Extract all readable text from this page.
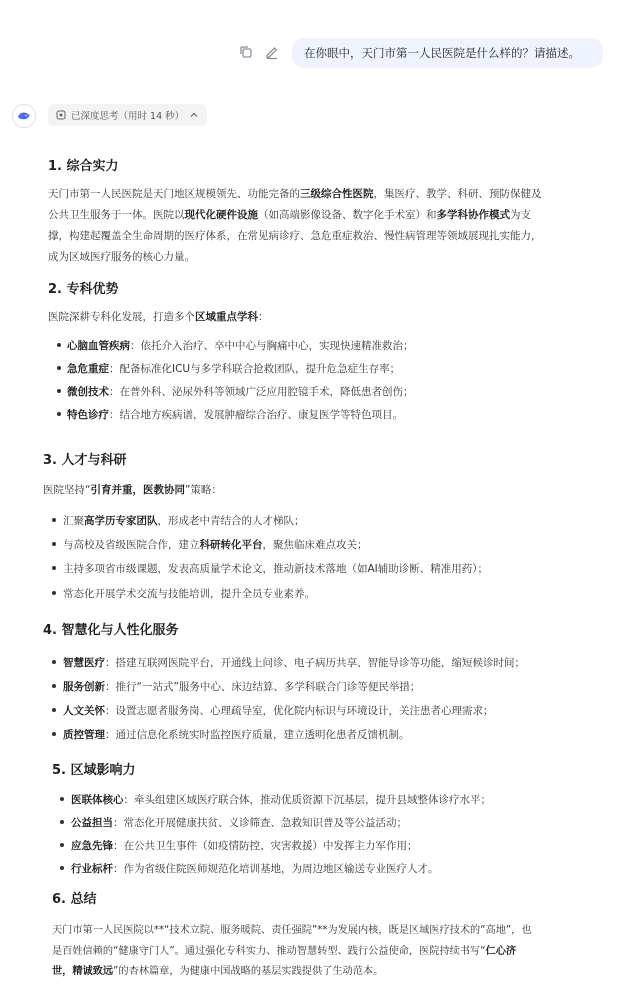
在你眼中，天门市第一人民医院是什么样的？请描述。
已深度思考（用时 14 秒）
1. 综合实力
天门市第一人民医院是天门地区规模领先、功能完备的三级综合性医院，集医疗、教学、科研、预防保健及
公共卫生服务于一体。医院以现代化硬件设施（如高端影像设备、数字化手术室）和多学科协作模式为支
撑，构建起覆盖全生命周期的医疗体系，在常见病诊疗、急危重症救治、慢性病管理等领域展现扎实能力，
成为区域医疗服务的核心力量。
2. 专科优势
医院深耕专科化发展，打造多个区域重点学科：
心脑血管疾病：依托介入治疗、卒中中心与胸痛中心，实现快速精准救治；
急危重症：配备标准化ICU与多学科联合抢救团队，提升危急症生存率；
微创技术：在普外科、泌尿外科等领域广泛应用腔镜手术，降低患者创伤；
特色诊疗：结合地方疾病谱，发展肿瘤综合治疗、康复医学等特色项目。
3. 人才与科研
医院坚持“引育并重，医教协同”策略：
汇聚高学历专家团队，形成老中青结合的人才梯队；
与高校及省级医院合作，建立科研转化平台，聚焦临床难点攻关；
主持多项省市级课题，发表高质量学术论文，推动新技术落地（如AI辅助诊断、精准用药）；
常态化开展学术交流与技能培训，提升全员专业素养。
4. 智慧化与人性化服务
智慧医疗：搭建互联网医院平台，开通线上问诊、电子病历共享、智能导诊等功能，缩短候诊时间；
服务创新：推行“一站式”服务中心、床边结算、多学科联合门诊等便民举措；
人文关怀：设置志愿者服务岗、心理疏导室，优化院内标识与环境设计，关注患者心理需求；
质控管理：通过信息化系统实时监控医疗质量，建立透明化患者反馈机制。
5. 区域影响力
医联体核心：牵头组建区域医疗联合体，推动优质资源下沉基层，提升县域整体诊疗水平；
公益担当：常态化开展健康扶贫、义诊筛查、急救知识普及等公益活动；
应急先锋：在公共卫生事件（如疫情防控、灾害救援）中发挥主力军作用；
行业标杆：作为省级住院医师规范化培训基地，为周边地区输送专业医疗人才。
6. 总结
天门市第一人民医院以**“技术立院、服务暖院、责任强院”**为发展内核，既是区域医疗技术的“高地”，也
是百姓信赖的“健康守门人”。通过强化专科实力、推动智慧转型、践行公益使命，医院持续书写“仁心济
世，精诚致远”的杏林篇章，为健康中国战略的基层实践提供了生动范本。
